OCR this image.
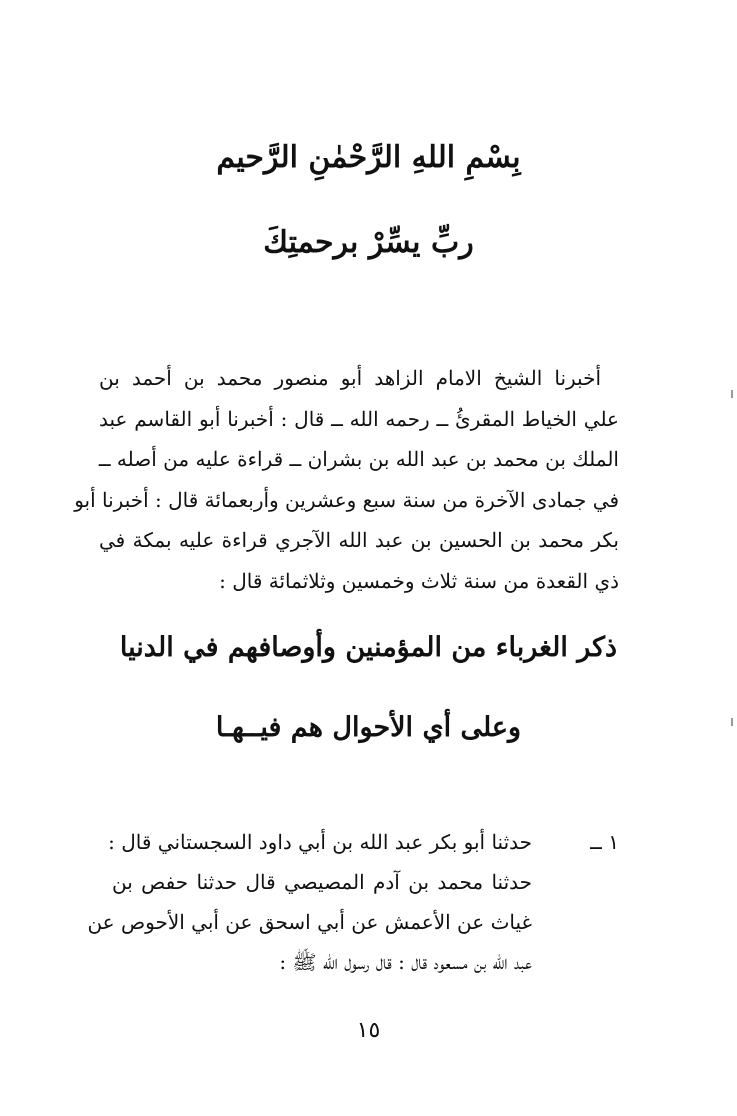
بِسْمِ اللهِ الرَّحْمٰنِ الرَّحيم
ربِّ يسِّرْ برحمتِكَ
أخبرنا الشيخ الامام الزاهد أبو منصور محمد بن أحمد بن
علي الخياط المقرئُ ــ رحمه الله ــ قال : أخبرنا أبو القاسم عبد
الملك بن محمد بن عبد الله بن بشران ــ قراءة عليه من أصله ــ
في جمادى الآخرة من سنة سبع وعشرين وأربعمائة قال : أخبرنا أبو
بكر محمد بن الحسين بن عبد الله الآجري قراءة عليه بمكة في
ذي القعدة من سنة ثلاث وخمسين وثلاثمائة قال :
ذكر الغرباء من المؤمنين وأوصافهم في الدنيا
وعلى أي الأحوال هم فيــهـا
١ ــ
حدثنا أبو بكر عبد الله بن أبي داود السجستاني قال :
حدثنا محمد بن آدم المصيصي قال حدثنا حفص بن
غياث عن الأعمش عن أبي اسحق عن أبي الأحوص عن
عبد الله بن مسعود قال : قال رسول الله ﷺ :
١٥
